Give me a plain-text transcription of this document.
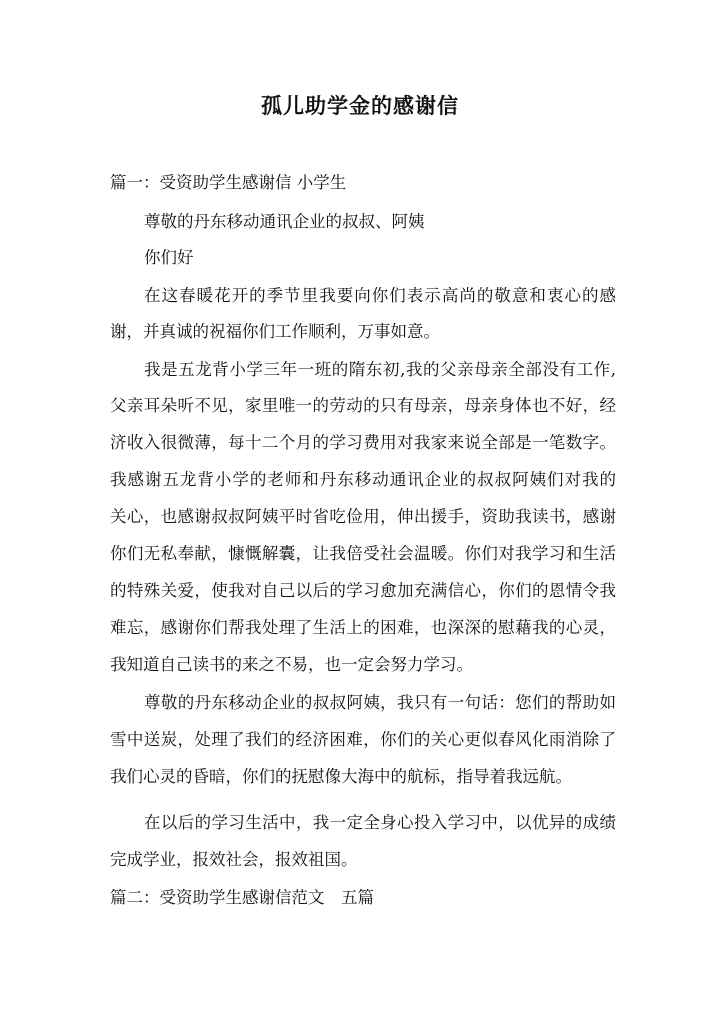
孤儿助学金的感谢信
篇一：受资助学生感谢信 小学生
尊敬的丹东移动通讯企业的叔叔、阿姨
你们好
在这春暖花开的季节里我要向你们表示高尚的敬意和衷心的感
谢，并真诚的祝福你们工作顺利，万事如意。
我是五龙背小学三年一班的隋东初,我的父亲母亲全部没有工作,
父亲耳朵听不见，家里唯一的劳动的只有母亲，母亲身体也不好，经
济收入很微薄，每十二个月的学习费用对我家来说全部是一笔数字。
我感谢五龙背小学的老师和丹东移动通讯企业的叔叔阿姨们对我的
关心，也感谢叔叔阿姨平时省吃俭用，伸出援手，资助我读书，感谢
你们无私奉献，慷慨解囊，让我倍受社会温暖。你们对我学习和生活
的特殊关爱，使我对自己以后的学习愈加充满信心，你们的恩情令我
难忘，感谢你们帮我处理了生活上的困难，也深深的慰藉我的心灵，
我知道自己读书的来之不易，也一定会努力学习。
尊敬的丹东移动企业的叔叔阿姨，我只有一句话：您们的帮助如
雪中送炭，处理了我们的经济困难，你们的关心更似春风化雨消除了
我们心灵的昏暗，你们的抚慰像大海中的航标，指导着我远航。
在以后的学习生活中，我一定全身心投入学习中，以优异的成绩
完成学业，报效社会，报效祖国。
篇二：受资助学生感谢信范文　五篇
